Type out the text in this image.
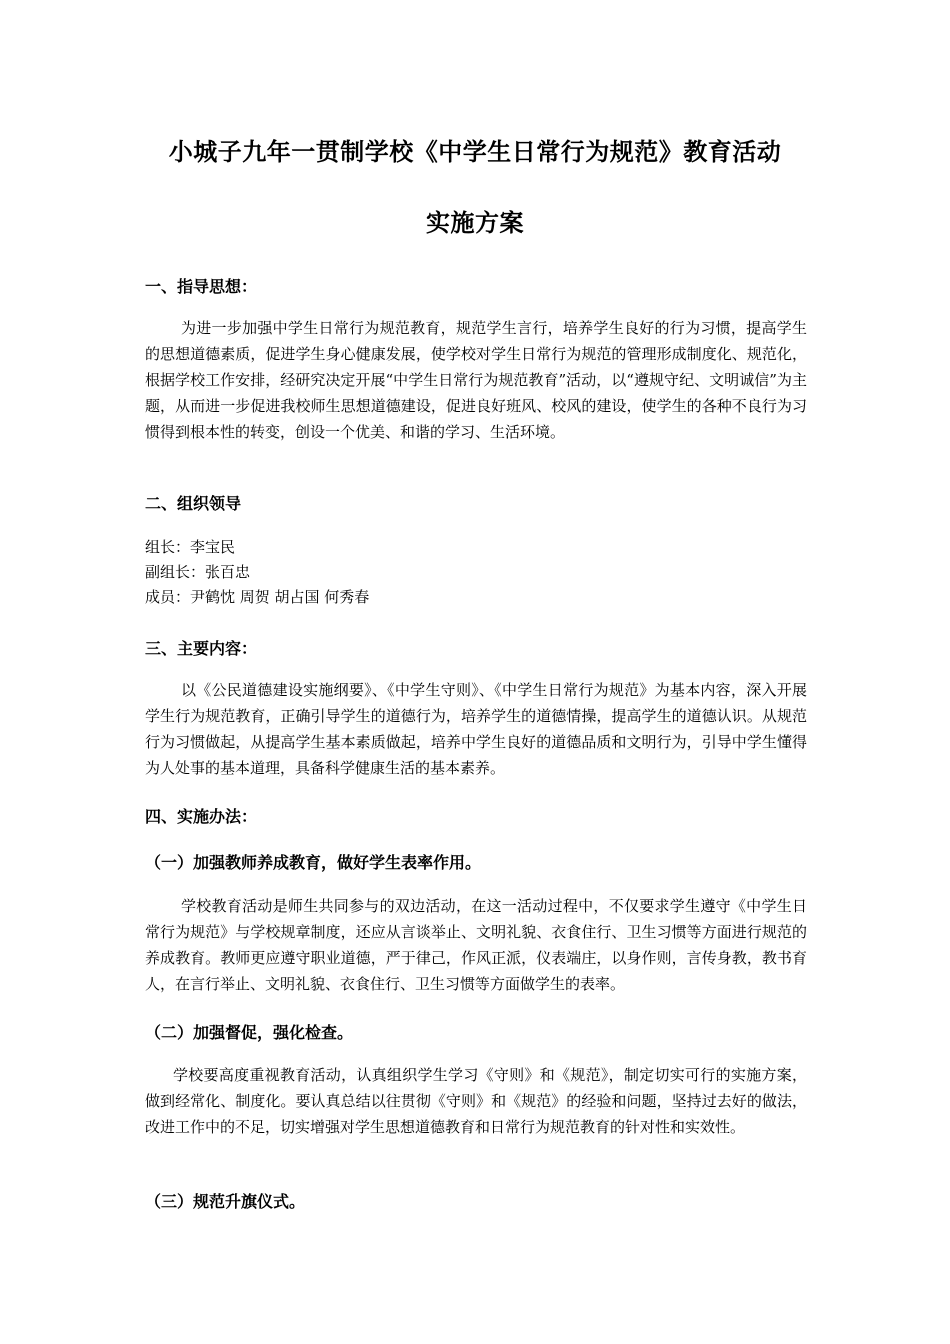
小城子九年一贯制学校《中学生日常行为规范》教育活动
实施方案
一、指导思想：

为进一步加强中学生日常行为规范教育，规范学生言行，培养学生良好的行为习惯，提高学生的思想道德素质，促进学生身心健康发展，使学校对学生日常行为规范的管理形成制度化、规范化，根据学校工作安排，经研究决定开展“中学生日常行为规范教育”活动，以“遵规守纪、文明诚信”为主题，从而进一步促进我校师生思想道德建设，促进良好班风、校风的建设，使学生的各种不良行为习惯得到根本性的转变，创设一个优美、和谐的学习、生活环境。

二、组织领导

组长：李宝民

副组长：张百忠

成员：尹鹤忱 周贺 胡占国 何秀春

三、主要内容：

以《公民道德建设实施纲要》、《中学生守则》、《中学生日常行为规范》为基本内容，深入开展学生行为规范教育，正确引导学生的道德行为，培养学生的道德情操，提高学生的道德认识。从规范行为习惯做起，从提高学生基本素质做起，培养中学生良好的道德品质和文明行为，引导中学生懂得为人处事的基本道理，具备科学健康生活的基本素养。

四、实施办法：
（一）加强教师养成教育，做好学生表率作用。

学校教育活动是师生共同参与的双边活动，在这一活动过程中，不仅要求学生遵守《中学生日常行为规范》与学校规章制度，还应从言谈举止、文明礼貌、衣食住行、卫生习惯等方面进行规范的养成教育。教师更应遵守职业道德，严于律己，作风正派，仪表端庄，以身作则，言传身教，教书育人，在言行举止、文明礼貌、衣食住行、卫生习惯等方面做学生的表率。

（二）加强督促，强化检查。

学校要高度重视教育活动，认真组织学生学习《守则》和《规范》，制定切实可行的实施方案，做到经常化、制度化。要认真总结以往贯彻《守则》和《规范》的经验和问题，坚持过去好的做法，改进工作中的不足，切实增强对学生思想道德教育和日常行为规范教育的针对性和实效性。

（三）规范升旗仪式。
